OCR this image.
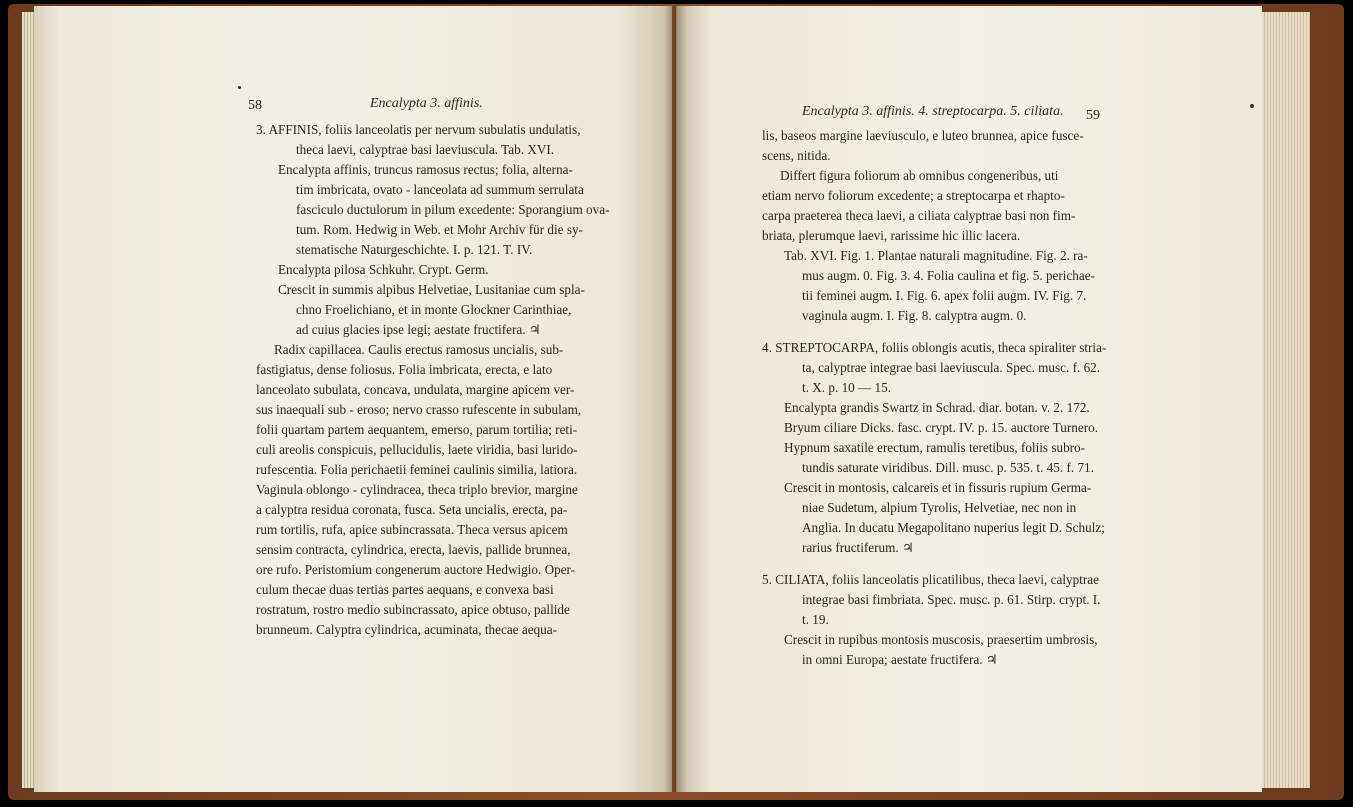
58	Encalypta 3. affinis.
3. AFFINIS, foliis lanceolatis per nervum subulatis undulatis,
theca laevi, calyptrae basi laeviuscula. Tab. XVI.
Encalypta affinis, truncus ramosus rectus; folia, alterna-
tim imbricata, ovato - lanceolata ad summum serrulata
fasciculo ductulorum in pilum excedente: Sporangium ova-
tum. Rom. Hedwig in Web. et Mohr Archiv für die sy-
stematische Naturgeschichte. I. p. 121. T. IV.
Encalypta pilosa Schkuhr. Crypt. Germ.
Crescit in summis alpibus Helvetiae, Lusitaniae cum spla-
chno Froelichiano, et in monte Glockner Carinthiae,
ad cuius glacies ipse legi; aestate fructifera. ♃
Radix capillacea. Caulis erectus ramosus uncialis, sub-
fastigiatus, dense foliosus. Folia imbricata, erecta, e lato
lanceolato subulata, concava, undulata, margine apicem ver-
sus inaequali sub - eroso; nervo crasso rufescente in subulam,
folii quartam partem aequantem, emerso, parum tortilia; reti-
culi areolis conspicuis, pellucidulis, laete viridia, basi lurido-
rufescentia. Folia perichaetii feminei caulinis similia, latiora.
Vaginula oblongo - cylindracea, theca triplo brevior, margine
a calyptra residua coronata, fusca. Seta uncialis, erecta, pa-
rum tortilis, rufa, apice subincrassata. Theca versus apicem
sensim contracta, cylindrica, erecta, laevis, pallide brunnea,
ore rufo. Peristomium congenerum auctore Hedwigio. Oper-
culum thecae duas tertias partes aequans, e convexa basi
rostratum, rostro medio subincrassato, apice obtuso, pallide
brunneum. Calyptra cylindrica, acuminata, thecae aequa-
Encalypta 3. affinis. 4. streptocarpa. 5. ciliata. 59
lis, baseos margine laeviusculo, e luteo brunnea, apice fusce-
scens, nitida.
Differt figura foliorum ab omnibus congeneribus, uti
etiam nervo foliorum excedente; a streptocarpa et rhapto-
carpa praeterea theca laevi, a ciliata calyptrae basi non fim-
briata, plerumque laevi, rarissime hic illic lacera.
Tab. XVI. Fig. 1. Plantae naturali magnitudine. Fig. 2. ra-
mus augm. 0. Fig. 3. 4. Folia caulina et fig. 5. perichae-
tii feminei augm. I. Fig. 6. apex folii augm. IV. Fig. 7.
vaginula augm. I. Fig. 8. calyptra augm. 0.
4. STREPTOCARPA, foliis oblongis acutis, theca spiraliter stria-
ta, calyptrae integrae basi laeviuscula. Spec. musc. f. 62.
t. X. p. 10 — 15.
Encalypta grandis Swartz in Schrad. diar. botan. v. 2. 172.
Bryum ciliare Dicks. fasc. crypt. IV. p. 15. auctore Turnero.
Hypnum saxatile erectum, ramulis teretibus, foliis subro-
tundis saturate viridibus. Dill. musc. p. 535. t. 45. f. 71.
Crescit in montosis, calcareis et in fissuris rupium Germa-
niae Sudetum, alpium Tyrolis, Helvetiae, nec non in
Anglia. In ducatu Megapolitano nuperius legit D. Schulz;
rarius fructiferum. ♃
5. CILIATA, foliis lanceolatis plicatilibus, theca laevi, calyptrae
integrae basi fimbriata. Spec. musc. p. 61. Stirp. crypt. I.
t. 19.
Crescit in rupibus montosis muscosis, praesertim umbrosis,
in omni Europa; aestate fructifera. ♃
